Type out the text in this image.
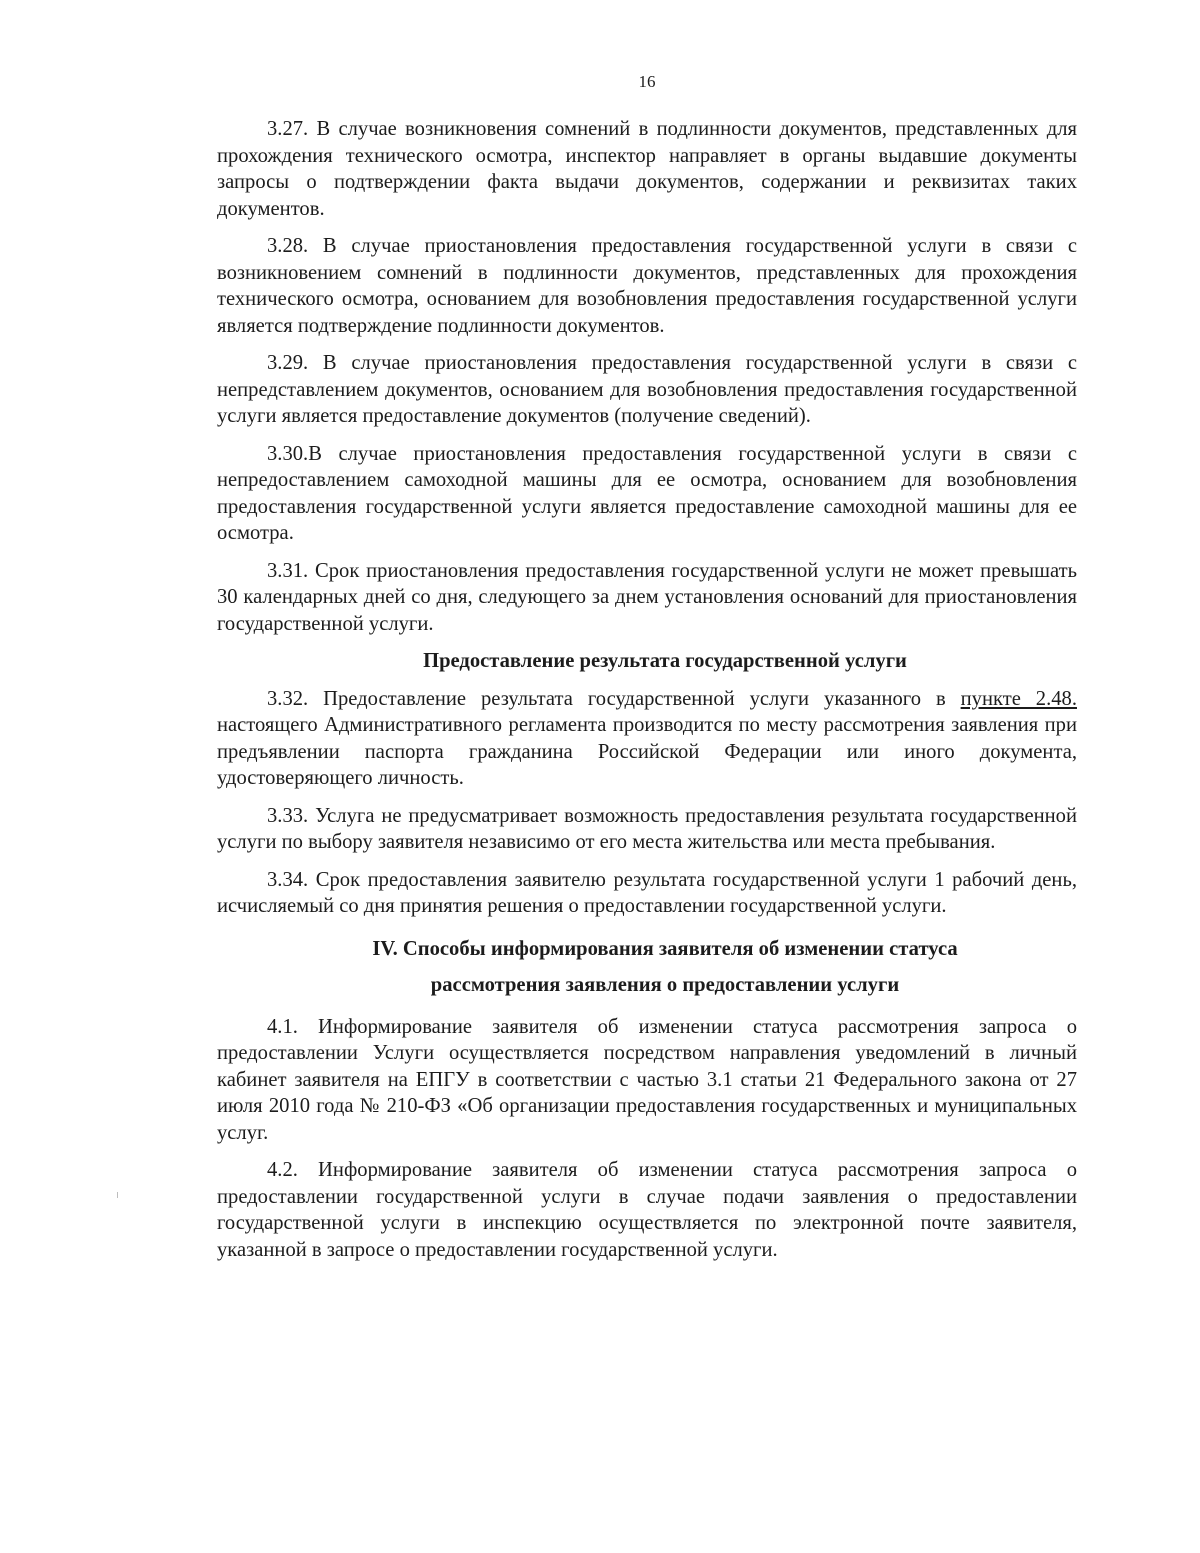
16

3.27. В случае возникновения сомнений в подлинности документов, представленных для прохождения технического осмотра, инспектор направляет в органы выдавшие документы запросы о подтверждении факта выдачи документов, содержании и реквизитах таких документов.

3.28. В случае приостановления предоставления государственной услуги в связи с возникновением сомнений в подлинности документов, представленных для прохождения технического осмотра, основанием для возобновления предоставления государственной услуги является подтверждение подлинности документов.

3.29. В случае приостановления предоставления государственной услуги в связи с непредставлением документов, основанием для возобновления предоставления государственной услуги является предоставление документов (получение сведений).

3.30.В случае приостановления предоставления государственной услуги в связи с непредоставлением самоходной машины для ее осмотра, основанием для возобновления предоставления государственной услуги является предоставление самоходной машины для ее осмотра.

3.31. Срок приостановления предоставления государственной услуги не может превышать 30 календарных дней со дня, следующего за днем установления оснований для приостановления государственной услуги.

Предоставление результата государственной услуги

3.32. Предоставление результата государственной услуги указанного в пункте 2.48. настоящего Административного регламента производится по месту рассмотрения заявления при предъявлении паспорта гражданина Российской Федерации или иного документа, удостоверяющего личность.

3.33. Услуга не предусматривает возможность предоставления результата государственной услуги по выбору заявителя независимо от его места жительства или места пребывания.

3.34. Срок предоставления заявителю результата государственной услуги 1 рабочий день, исчисляемый со дня принятия решения о предоставлении государственной услуги.

IV. Способы информирования заявителя об изменении статуса
рассмотрения заявления о предоставлении услуги

4.1. Информирование заявителя об изменении статуса рассмотрения запроса о предоставлении Услуги осуществляется посредством направления уведомлений в личный кабинет заявителя на ЕПГУ в соответствии с частью 3.1 статьи 21 Федерального закона от 27 июля 2010 года № 210-ФЗ «Об организации предоставления государственных и муниципальных услуг.

4.2. Информирование заявителя об изменении статуса рассмотрения запроса о предоставлении государственной услуги в случае подачи заявления о предоставлении государственной услуги в инспекцию осуществляется по электронной почте заявителя, указанной в запросе о предоставлении государственной услуги.
